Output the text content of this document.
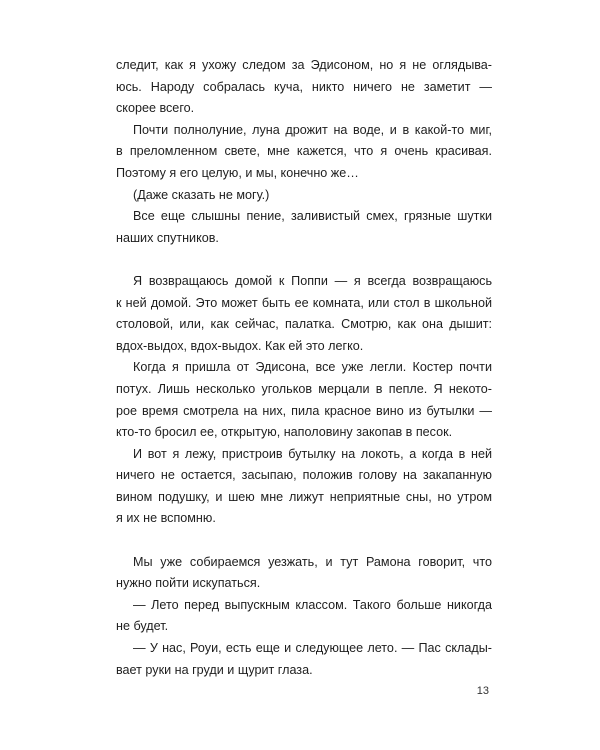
следит, как я ухожу следом за Эдисоном, но я не оглядыва-
юсь. Народу собралась куча, никто ничего не заметит —
скорее всего.
Почти полнолуние, луна дрожит на воде, и в какой-то миг,
в преломленном свете, мне кажется, что я очень красивая.
Поэтому я его целую, и мы, конечно же…
(Даже сказать не могу.)
Все еще слышны пение, заливистый смех, грязные шутки
наших спутников.
Я возвращаюсь домой к Поппи — я всегда возвращаюсь
к ней домой. Это может быть ее комната, или стол в школьной
столовой, или, как сейчас, палатка. Смотрю, как она дышит:
вдох-выдох, вдох-выдох. Как ей это легко.
Когда я пришла от Эдисона, все уже легли. Костер почти
потух. Лишь несколько угольков мерцали в пепле. Я некото-
рое время смотрела на них, пила красное вино из бутылки —
кто-то бросил ее, открытую, наполовину закопав в песок.
И вот я лежу, пристроив бутылку на локоть, а когда в ней
ничего не остается, засыпаю, положив голову на закапанную
вином подушку, и шею мне лижут неприятные сны, но утром
я их не вспомню.
Мы уже собираемся уезжать, и тут Рамона говорит, что
нужно пойти искупаться.
— Лето перед выпускным классом. Такого больше никогда
не будет.
— У нас, Роуи, есть еще и следующее лето. — Пас склады-
вает руки на груди и щурит глаза.
13
